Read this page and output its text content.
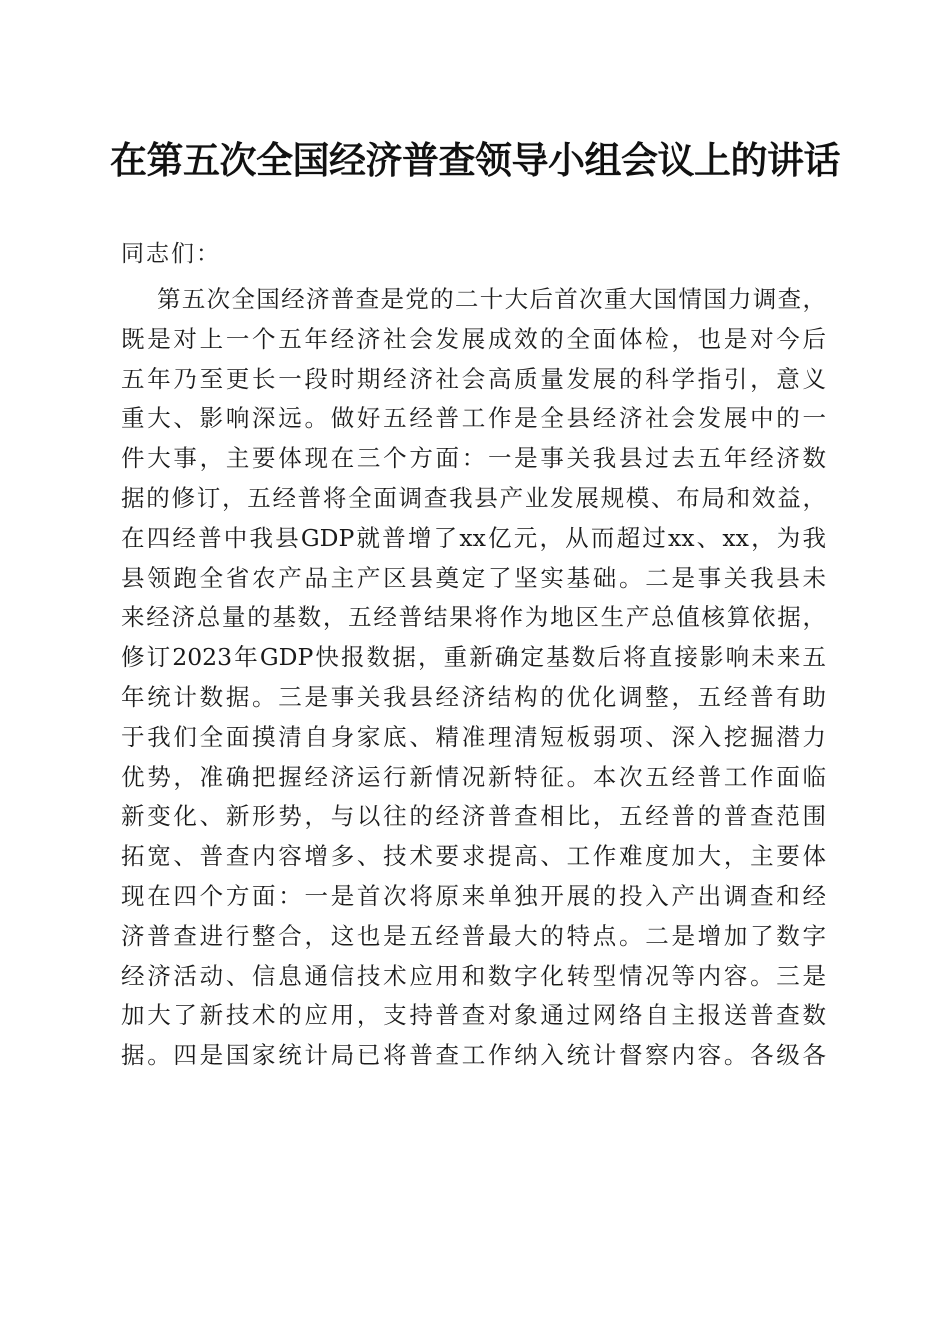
在第五次全国经济普查领导小组会议上的讲话

同志们：

第五次全国经济普查是党的二十大后首次重大国情国力调查，
既是对上一个五年经济社会发展成效的全面体检，也是对今后
五年乃至更长一段时期经济社会高质量发展的科学指引，意义
重大、影响深远。做好五经普工作是全县经济社会发展中的一
件大事，主要体现在三个方面：一是事关我县过去五年经济数
据的修订，五经普将全面调查我县产业发展规模、布局和效益，
在四经普中我县GDP就普增了xx亿元，从而超过xx、xx，为我
县领跑全省农产品主产区县奠定了坚实基础。二是事关我县未
来经济总量的基数，五经普结果将作为地区生产总值核算依据，
修订2023年GDP快报数据，重新确定基数后将直接影响未来五
年统计数据。三是事关我县经济结构的优化调整，五经普有助
于我们全面摸清自身家底、精准理清短板弱项、深入挖掘潜力
优势，准确把握经济运行新情况新特征。本次五经普工作面临
新变化、新形势，与以往的经济普查相比，五经普的普查范围
拓宽、普查内容增多、技术要求提高、工作难度加大，主要体
现在四个方面：一是首次将原来单独开展的投入产出调查和经
济普查进行整合，这也是五经普最大的特点。二是增加了数字
经济活动、信息通信技术应用和数字化转型情况等内容。三是
加大了新技术的应用，支持普查对象通过网络自主报送普查数
据。四是国家统计局已将普查工作纳入统计督察内容。各级各
